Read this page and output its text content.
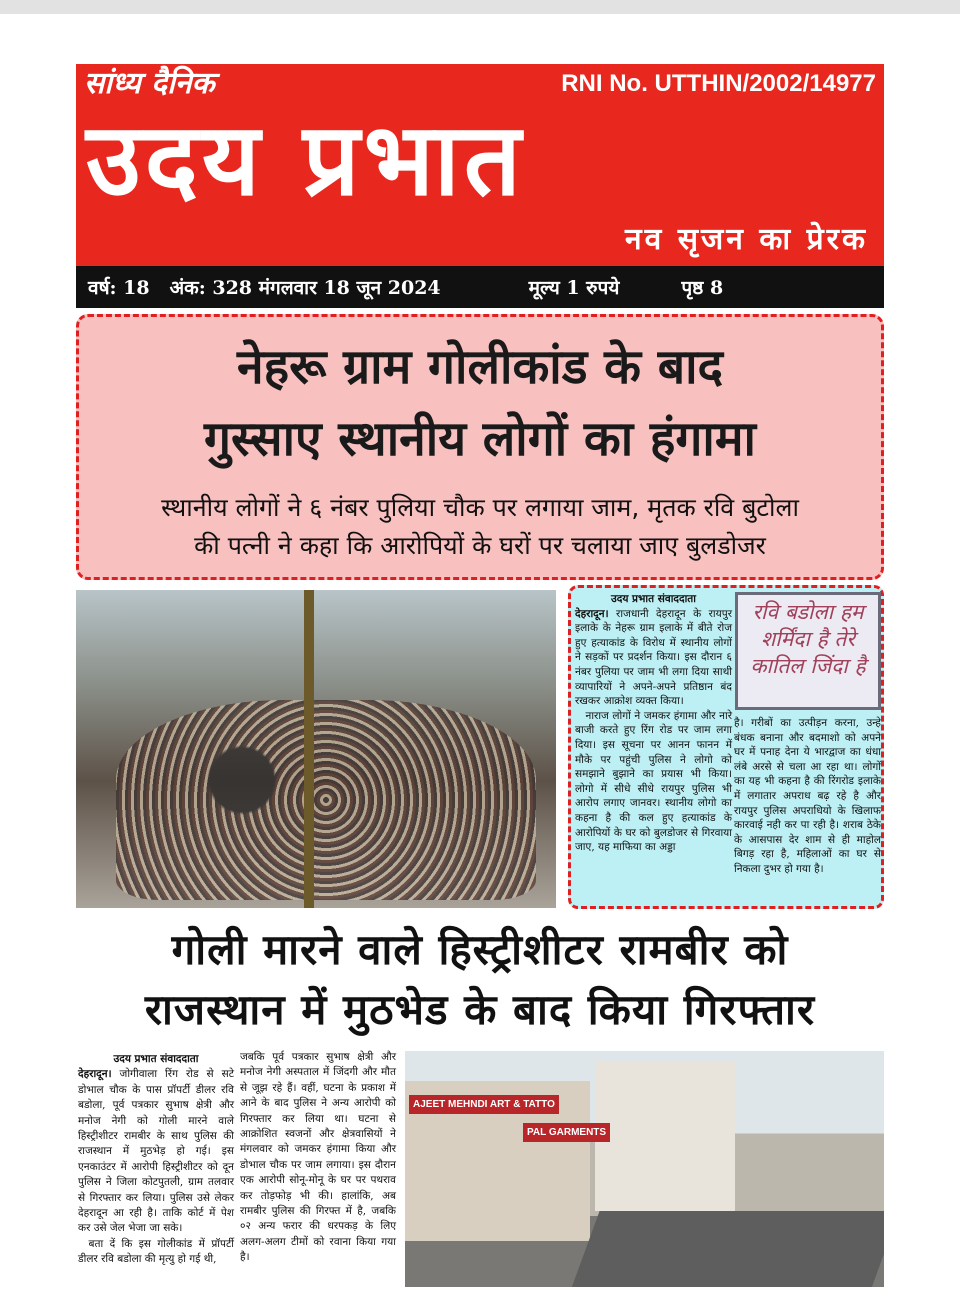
सांध्य दैनिक	RNI No. UTTHIN/2002/14977
उदय प्रभात
नव सृजन का प्रेरक
वर्ष: 18 अंक: 328 मंगलवार 18 जून 2024	मूल्य 1 रुपये	पृष्ठ 8
नेहरू ग्राम गोलीकांड के बाद
गुस्साए स्थानीय लोगों का हंगामा

स्थानीय लोगों ने ६ नंबर पुलिया चौक पर लगाया जाम, मृतक रवि बुटोला
की पत्नी ने कहा कि आरोपियों के घरों पर चलाया जाए बुलडोजर

उदय प्रभात संवाददाता
देहरादून। राजधानी देहरादून के रायपुर इलाके के नेहरू ग्राम इलाके में बीते रोज हुए हत्याकांड के विरोध में स्थानीय लोगों ने सड़कों पर प्रदर्शन किया। इस दौरान ६ नंबर पुलिया पर जाम भी लगा दिया साथी व्यापारियों ने अपने-अपने प्रतिष्ठान बंद रखकर आक्रोश व्यक्त किया।
 नाराज लोगों ने जमकर हंगामा और नारे बाजी करते हुए रिंग रोड पर जाम लगा दिया। इस सूचना पर आनन फानन में मौके पर पहुंची पुलिस ने लोगो को समझाने बुझाने का प्रयास भी किया। लोगो में सीधे सीधे रायपुर पुलिस भी आरोप लगाए जानवर। स्थानीय लोगो का कहना है की कल हुए हत्याकांड के आरोपियों के घर को बुलडोजर से गिरवाया जाए, यह माफिया का अड्डा
रवि बडोला हम शर्मिंदा है तेरे कातिल जिंदा है
है। गरीबों का उत्पीड़न करना, उन्हे बंधक बनाना और बदमाशो को अपने घर में पनाह देना ये भारद्वाज का धंधा लंबे अरसे से चला आ रहा था। लोगों का यह भी कहना है की रिंगरोड इलाके में लगातार अपराध बढ़ रहे है और रायपुर पुलिस अपराधियो के खिलाफ कारवाई नही कर पा रही है। शराब ठेके के आसपास देर शाम से ही माहोल बिगड़ रहा है, महिलाओं का घर से निकला दुभर हो गया है।
गोली मारने वाले हिस्ट्रीशीटर रामबीर को
राजस्थान में मुठभेड के बाद किया गिरफ्तार
उदय प्रभात संवाददाता
देहरादून। जोगीवाला रिंग रोड से सटे डोभाल चौक के पास प्रॉपर्टी डीलर रवि बडोला, पूर्व पत्रकार सुभाष क्षेत्री और मनोज नेगी को गोली मारने वाले हिस्ट्रीशीटर रामबीर के साथ पुलिस की राजस्थान में मुठभेड़ हो गई। इस एनकाउंटर में आरोपी हिस्ट्रीशीटर को दून पुलिस ने जिला कोटपुतली, ग्राम तलवार से गिरफ्तार कर लिया। पुलिस उसे लेकर देहरादून आ रही है। ताकि कोर्ट में पेश कर उसे जेल भेजा जा सके।
 बता दें कि इस गोलीकांड में प्रॉपर्टी डीलर रवि बडोला की मृत्यु हो गई थी,
जबकि पूर्व पत्रकार सुभाष क्षेत्री और मनोज नेगी अस्पताल में जिंदगी और मौत से जूझ रहे हैं। वहीं, घटना के प्रकाश में आने के बाद पुलिस ने अन्य आरोपी को गिरफ्तार कर लिया था। घटना से आक्रोशित स्वजनों और क्षेत्रवासियों ने मंगलवार को जमकर हंगामा किया और डोभाल चौक पर जाम लगाया। इस दौरान एक आरोपी सोनू-मोनू के घर पर पथराव कर तोड़फोड़ भी की। हालांकि, अब रामबीर पुलिस की गिरफ्त में है, जबकि ०२ अन्य फरार की धरपकड़ के लिए अलग-अलग टीमों को रवाना किया गया है।
AJEET MEHNDI ART & TATTO
PAL GARMENTS
